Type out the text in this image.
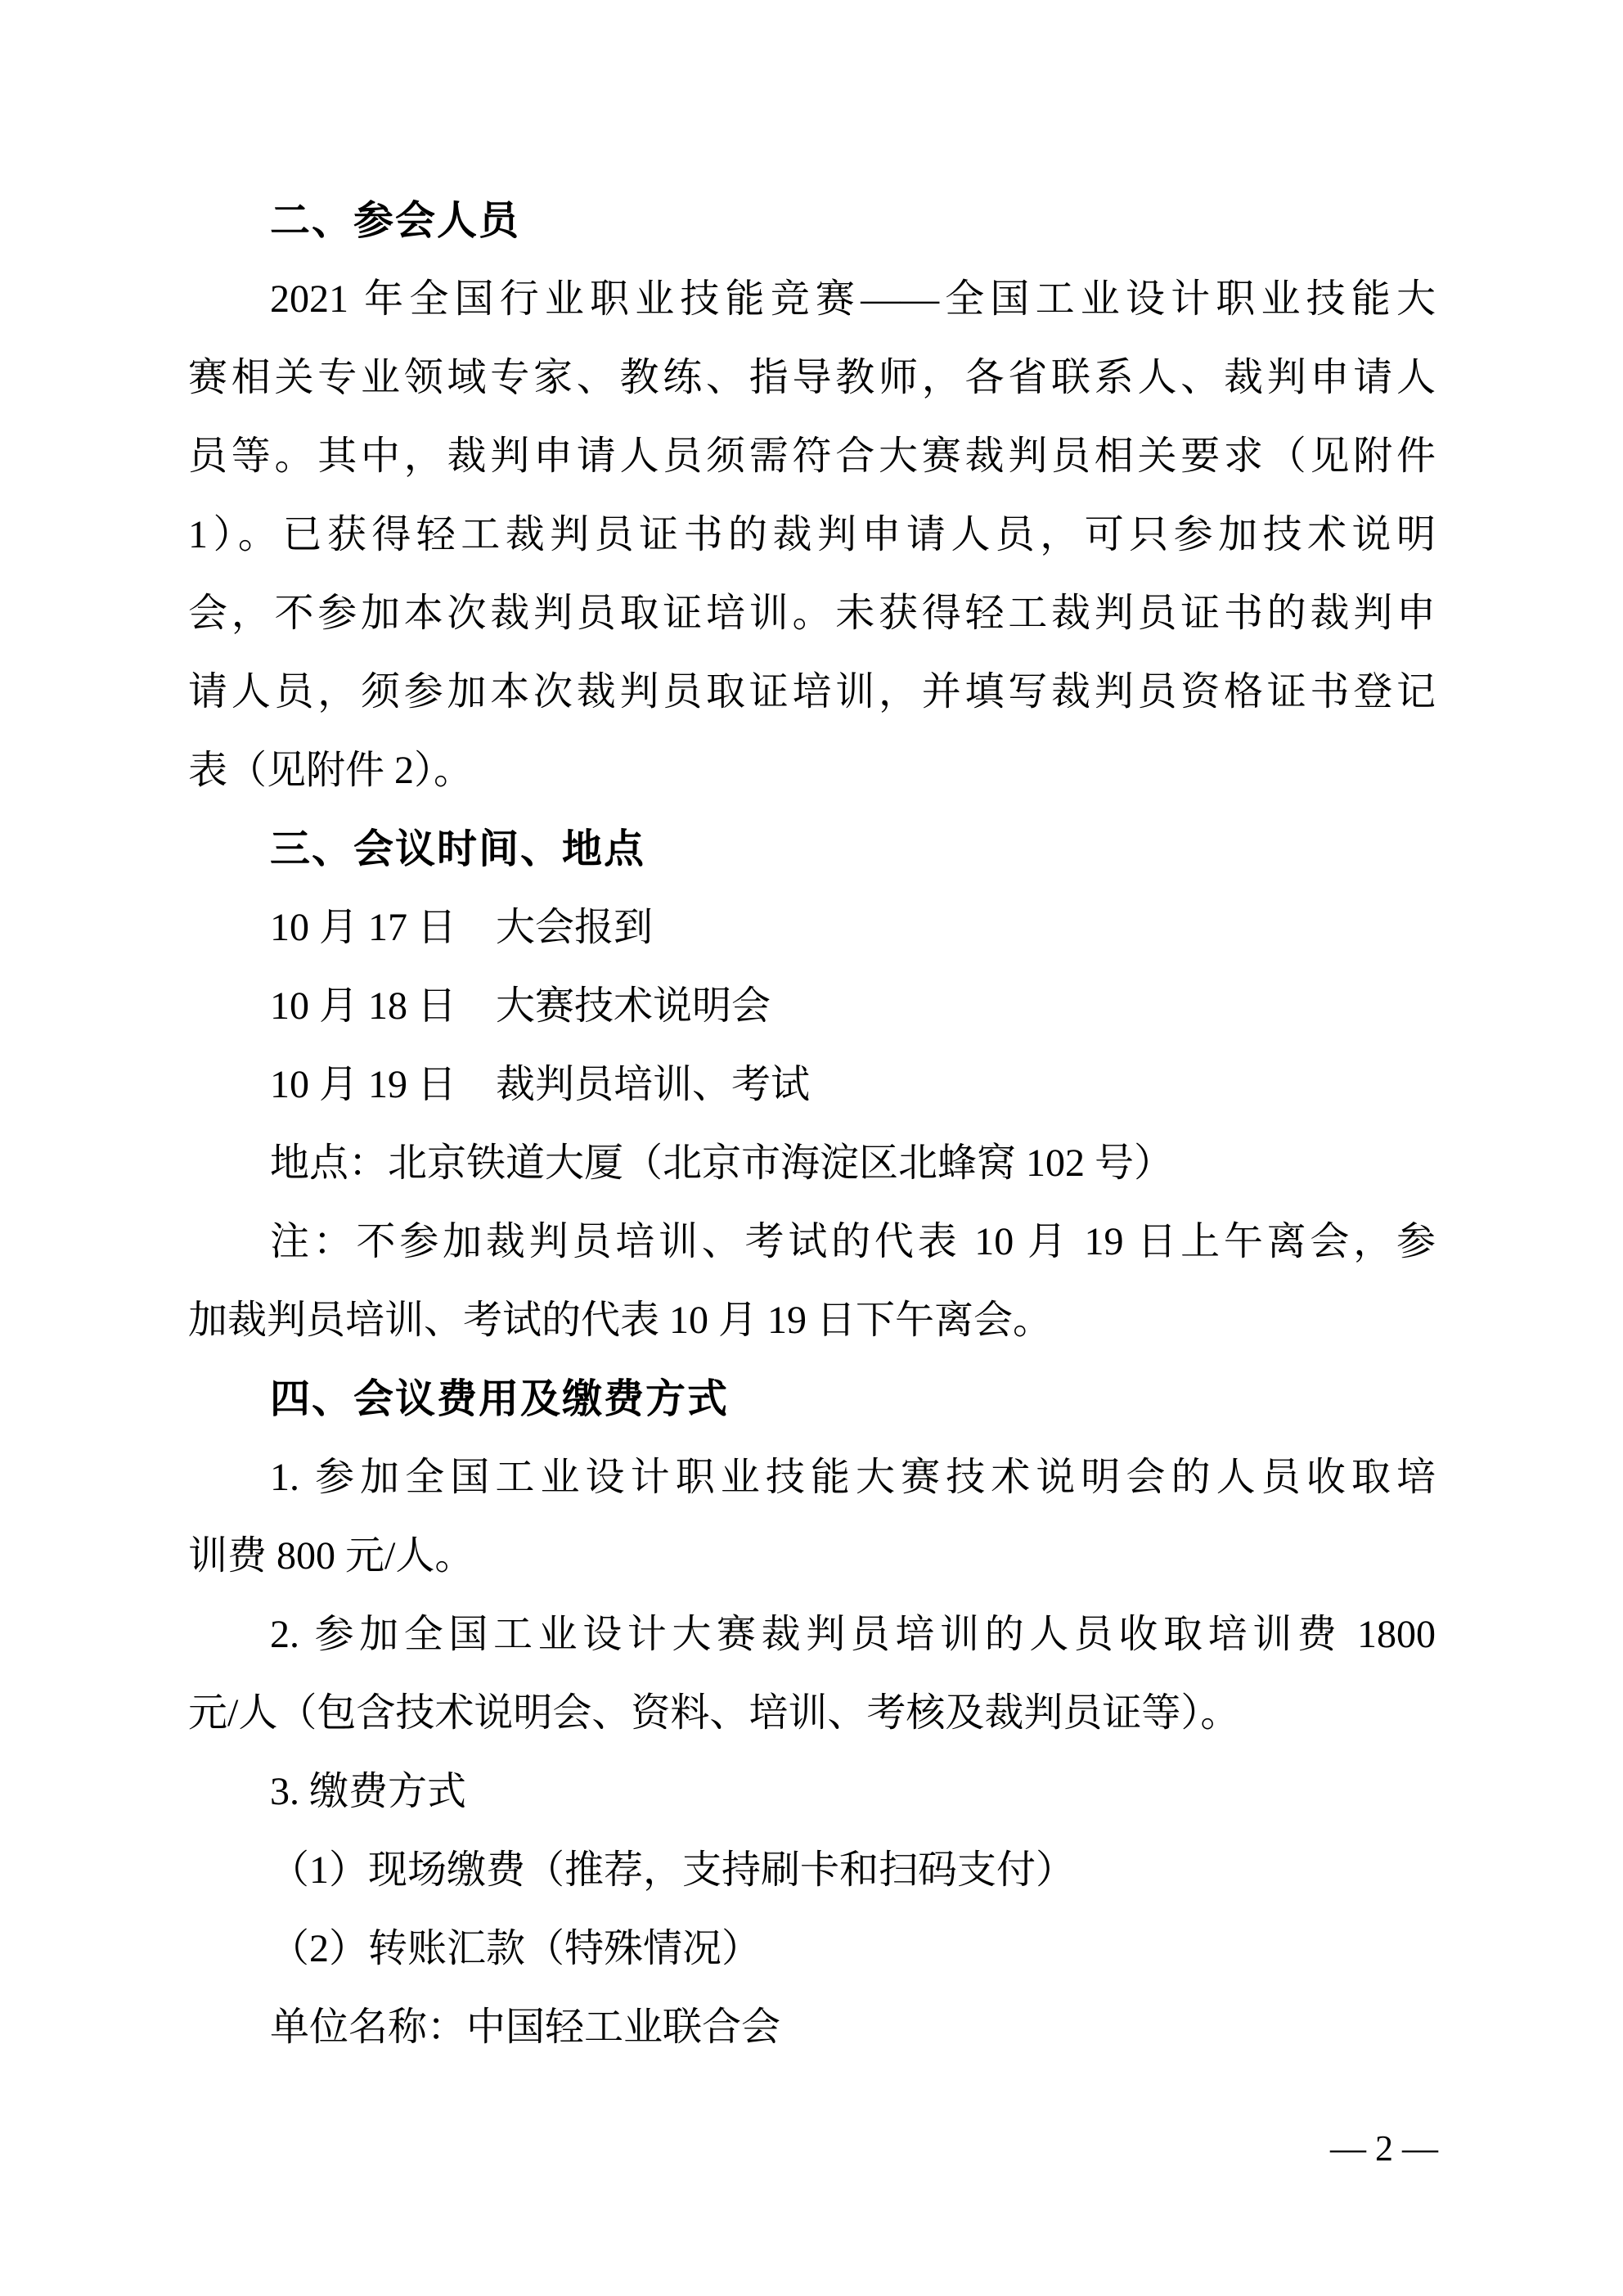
二、参会人员
2021 年全国行业职业技能竞赛——全国工业设计职业技能大
赛相关专业领域专家、教练、指导教师，各省联系人、裁判申请人
员等。其中，裁判申请人员须需符合大赛裁判员相关要求（见附件
1）。已获得轻工裁判员证书的裁判申请人员，可只参加技术说明
会，不参加本次裁判员取证培训。未获得轻工裁判员证书的裁判申
请人员，须参加本次裁判员取证培训，并填写裁判员资格证书登记
表（见附件 2）。
三、会议时间、地点
10 月 17 日　大会报到
10 月 18 日　大赛技术说明会
10 月 19 日　裁判员培训、考试
地点：北京铁道大厦（北京市海淀区北蜂窝 102 号）
注：不参加裁判员培训、考试的代表 10 月 19 日上午离会，参
加裁判员培训、考试的代表 10 月 19 日下午离会。
四、会议费用及缴费方式
1. 参加全国工业设计职业技能大赛技术说明会的人员收取培
训费 800 元/人。
2. 参加全国工业设计大赛裁判员培训的人员收取培训费 1800
元/人（包含技术说明会、资料、培训、考核及裁判员证等）。
3. 缴费方式
（1）现场缴费（推荐，支持刷卡和扫码支付）
（2）转账汇款（特殊情况）
单位名称：中国轻工业联合会
— 2 —
